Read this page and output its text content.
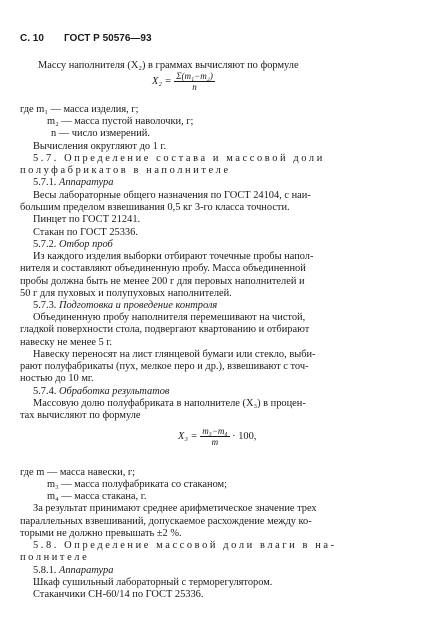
С. 10 ГОСТ Р 50576—93
Массу наполнителя (X₂) в граммах вычисляют по формуле
$X_2 = \frac{\text{Σ(m₁−m₂)}}{n}$
где m₁ — масса изделия, г;
m₂ — масса пустой наволочки, г;
n — число измерений.
Вычисления округляют до 1 г.
5.7. Определение состава и массовой доли
полуфабрикатов в наполнителе
5.7.1. Аппаратура
Весы лабораторные общего назначения по ГОСТ 24104, с наи-
большим пределом взвешивания 0,5 кг 3-го класса точности.
Пинцет по ГОСТ 21241.
Стакан по ГОСТ 25336.
5.7.2. Отбор проб
Из каждого изделия выборки отбирают точечные пробы напол-
нителя и составляют объединенную пробу. Масса объединенной
пробы должна быть не менее 200 г для перовых наполнителей и
50 г для пуховых и полупуховых наполнителей.
5.7.3. Подготовка и проведение контроля
Объединенную пробу наполнителя перемешивают на чистой,
гладкой поверхности стола, подвергают квартованию и отбирают
навеску не менее 5 г.
Навеску переносят на лист глянцевой бумаги или стекло, выби-
рают полуфабрикаты (пух, мелкое перо и др.), взвешивают с точ-
ностью до 10 мг.
5.7.4. Обработка результатов
Массовую долю полуфабриката в наполнителе (X₃) в процен-
тах вычисляют по формуле
$X_3 = \frac{\text{m₃−m₄}}{m} \cdot 100$,
где m — масса навески, г;
m₃ — масса полуфабриката со стаканом;
m₄ — масса стакана, г.
За результат принимают среднее арифметическое значение трех
параллельных взвешиваний, допускаемое расхождение между ко-
торыми не должно превышать ±2 %.
5.8. Определение массовой доли влаги в на-
полнителе
5.8.1. Аппаратура
Шкаф сушильный лабораторный с терморегулятором.
Стаканчики СН-60/14 по ГОСТ 25336.
